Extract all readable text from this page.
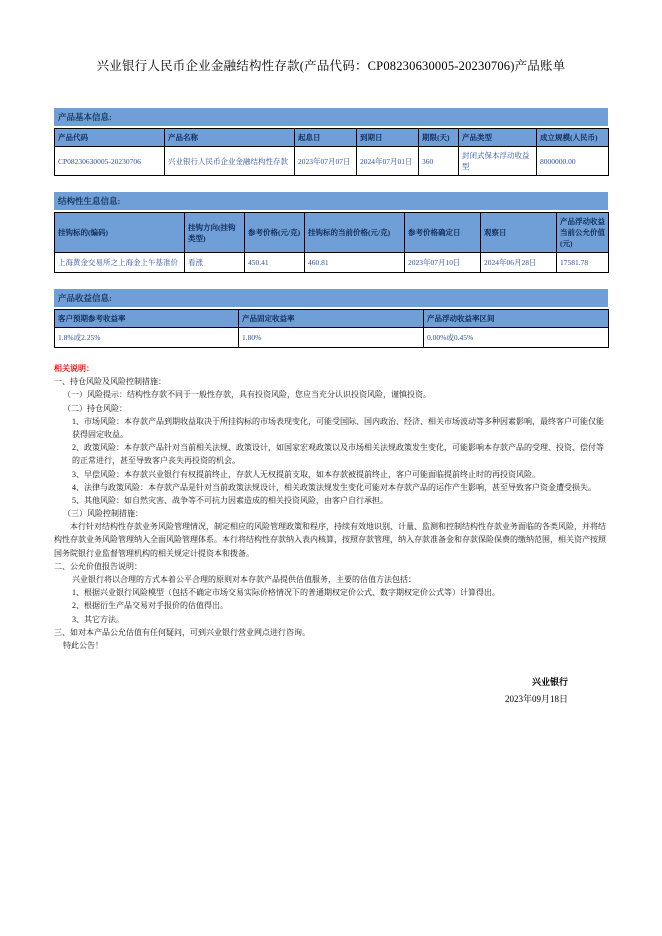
兴业银行人民币企业金融结构性存款(产品代码：CP08230630005-20230706)产品账单
产品基本信息:
产品代码	产品名称	起息日	到期日	期限(天)	产品类型	成立规模(人民币)
CP08230630005-20230706	兴业银行人民币企业金融结构性存款	2023年07月07日	2024年07月01日	360	封闭式保本浮动收益型	8000000.00
结构性生息信息:
挂钩标的(编码)	挂钩方向(挂钩类型)	参考价格(元/克)	挂钩标的当前价格(元/克)	参考价格确定日	观察日	产品浮动收益当前公允价值(元)
上海黄金交易所之上海金上午基准价	看涨	450.41	460.81	2023年07月10日	2024年06月28日	17581.78
产品收益信息:
客户预期参考收益率	产品固定收益率	产品浮动收益率区间
1.8%或2.25%	1.80%	0.00%或0.45%
相关说明：
一、持仓风险及风险控制措施：
（一）风险提示：结构性存款不同于一般性存款，具有投资风险，您应当充分认识投资风险，谨慎投资。
（二）持仓风险：
1、市场风险：本存款产品到期收益取决于所挂钩标的市场表现变化，可能受国际、国内政治、经济、相关市场波动等多种因素影响，最终客户可能仅能获得固定收益。
2、政策风险：本存款产品针对当前相关法规、政策设计，如国家宏观政策以及市场相关法规政策发生变化，可能影响本存款产品的受理、投资、偿付等的正常进行，甚至导致客户丧失再投资的机会。
3、早偿风险：本存款兴业银行有权提前终止，存款人无权提前支取，如本存款被提前终止，客户可能面临提前终止时的再投资风险。
4、法律与政策风险：本存款产品是针对当前政策法规设计，相关政策法规发生变化可能对本存款产品的运作产生影响，甚至导致客户资金遭受损失。
5、其他风险：如自然灾害、战争等不可抗力因素造成的相关投资风险，由客户自行承担。
（三）风险控制措施：
本行针对结构性存款业务风险管理情况，制定相应的风险管理政策和程序，持续有效地识别、计量、监测和控制结构性存款业务面临的各类风险，并将结构性存款业务风险管理纳入全面风险管理体系。本行将结构性存款纳入表内核算，按照存款管理，纳入存款准备金和存款保险保费的缴纳范围，相关资产按照国务院银行业监督管理机构的相关规定计提资本和拨备。
二、公允价值报告说明：
兴业银行将以合理的方式本着公平合理的原则对本存款产品提供估值服务，主要的估值方法包括：
1、根据兴业银行风险模型（包括不确定市场交易实际价格情况下的普通期权定价公式、数字期权定价公式等）计算得出。
2、根据衍生产品交易对手报价的估值得出。
3、其它方法。
三、如对本产品公允估值有任何疑问，可到兴业银行营业网点进行咨询。
特此公告！
兴业银行
2023年09月18日
